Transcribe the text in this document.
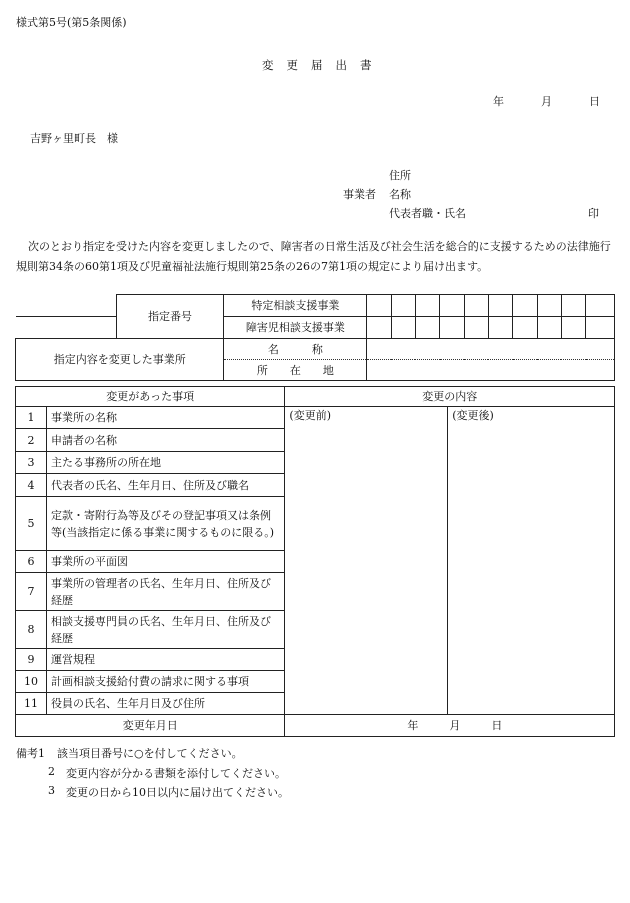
様式第5号(第5条関係)
変更届出書
年	月	日
吉野ヶ里町長　様
住所
事業者 名称
代表者職・氏名	印
次のとおり指定を受けた内容を変更しましたので、障害者の日常生活及び社会生活を総合的に支援するための法律施行規則第34条の60第1項及び児童福祉法施行規則第25条の26の7第1項の規定により届け出ます。
	指定番号	特定相談支援事業										
		障害児相談支援事業										
指定内容を変更した事業所		名　　　称										
		所　　在　　地										
変更があった事項		変更の内容	
1	事業所の名称	(変更前)	(変更後)
2	申請者の名称		
3	主たる事務所の所在地		
4	代表者の氏名、生年月日、住所及び職名		
5	定款・寄附行為等及びその登記事項又は条例等(当該指定に係る事業に関するものに限る。)		
6	事業所の平面図		
7	事業所の管理者の氏名、生年月日、住所及び経歴		
8	相談支援専門員の氏名、生年月日、住所及び経歴		
9	運営規程		
10	計画相談支援給付費の請求に関する事項		
11	役員の氏名、生年月日及び住所		
変更年月日		年 月 日	
備考1 該当項目番号に○を付してください。
2 変更内容が分かる書類を添付してください。
3 変更の日から10日以内に届け出てください。
